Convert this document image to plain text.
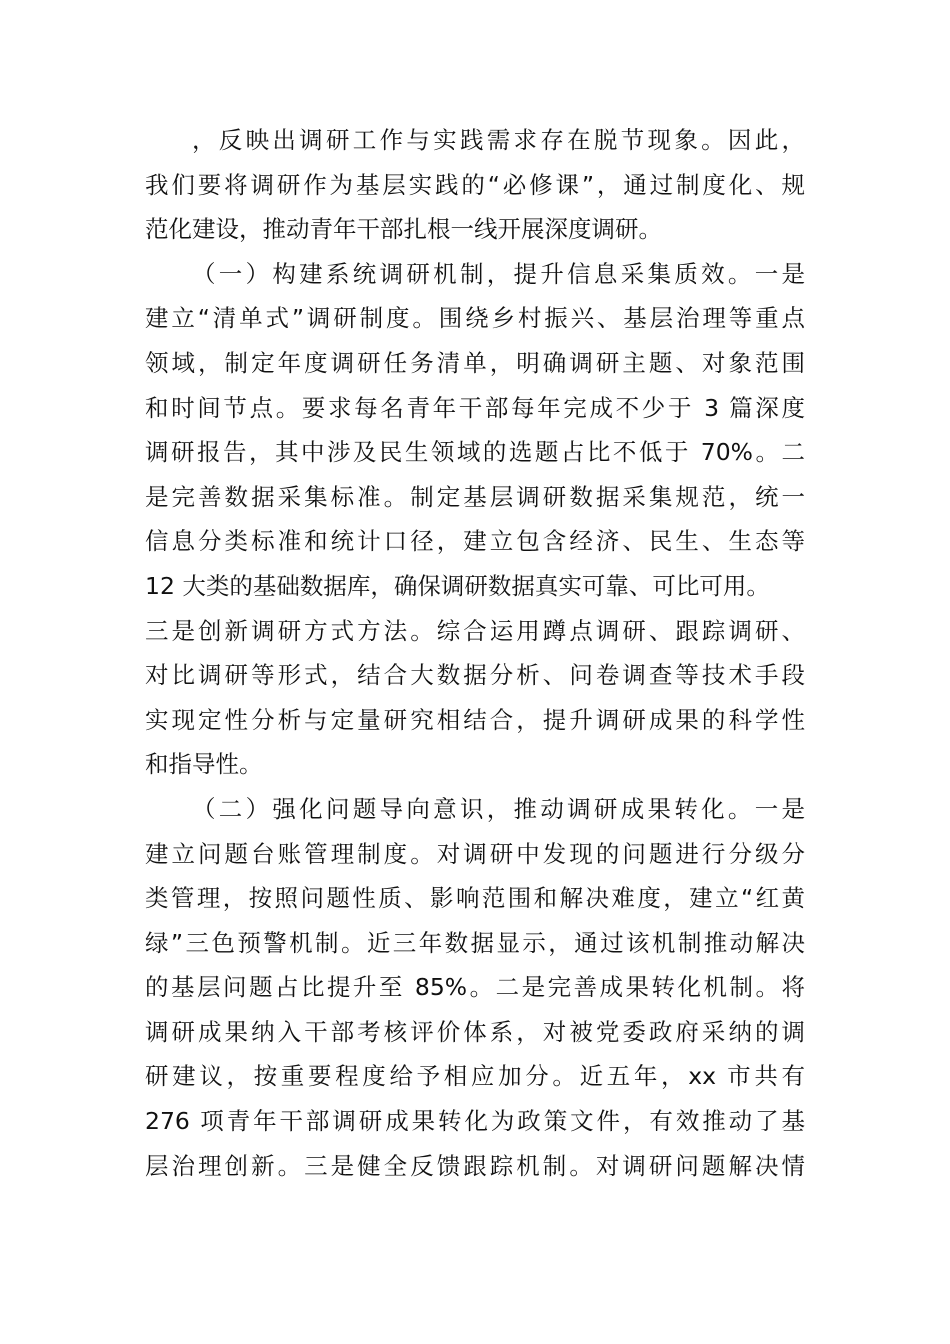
，反映出调研工作与实践需求存在脱节现象。因此，
我们要将调研作为基层实践的“必修课”，通过制度化、规
范化建设，推动青年干部扎根一线开展深度调研。
（一）构建系统调研机制，提升信息采集质效。一是
建立“清单式”调研制度。围绕乡村振兴、基层治理等重点
领域，制定年度调研任务清单，明确调研主题、对象范围
和时间节点。要求每名青年干部每年完成不少于 3 篇深度
调研报告，其中涉及民生领域的选题占比不低于 70%。二
是完善数据采集标准。制定基层调研数据采集规范，统一
信息分类标准和统计口径，建立包含经济、民生、生态等
12 大类的基础数据库，确保调研数据真实可靠、可比可用。
三是创新调研方式方法。综合运用蹲点调研、跟踪调研、
对比调研等形式，结合大数据分析、问卷调查等技术手段
实现定性分析与定量研究相结合，提升调研成果的科学性
和指导性。
（二）强化问题导向意识，推动调研成果转化。一是
建立问题台账管理制度。对调研中发现的问题进行分级分
类管理，按照问题性质、影响范围和解决难度，建立“红黄
绿”三色预警机制。近三年数据显示，通过该机制推动解决
的基层问题占比提升至 85%。二是完善成果转化机制。将
调研成果纳入干部考核评价体系，对被党委政府采纳的调
研建议，按重要程度给予相应加分。近五年，xx 市共有
276 项青年干部调研成果转化为政策文件，有效推动了基
层治理创新。三是健全反馈跟踪机制。对调研问题解决情
